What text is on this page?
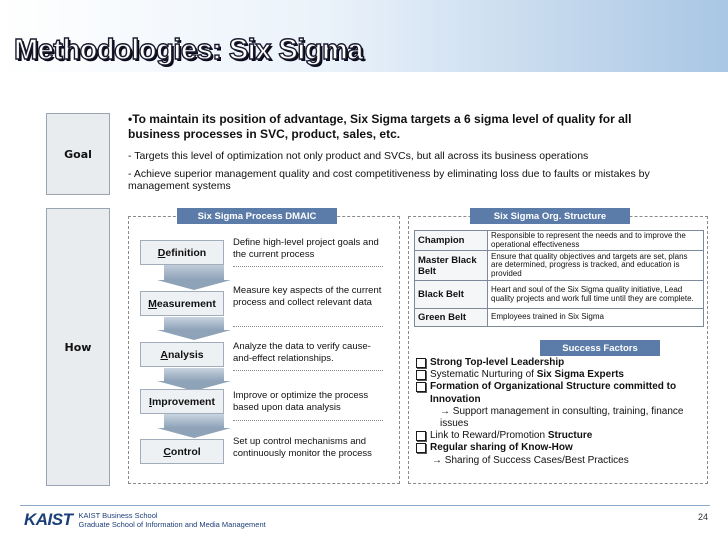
Methodologies: Six Sigma
Goal
•To maintain its position of advantage, Six Sigma targets a 6 sigma level of quality for all business processes in SVC, product, sales, etc.
- Targets this level of optimization not only product and SVCs, but all across its business operations
- Achieve superior management quality and cost competitiveness by eliminating loss due to faults or mistakes by management systems
How
Six Sigma Process DMAIC
D efinition
Define high-level project goals and the current process
M easurement
Measure key aspects of the current process and collect relevant data
A nalysis
Analyze the data to verify cause-and-effect relationships.
I mprovement Improve or optimize the process based upon data analysis
C ontrol
Set up control mechanisms and continuously monitor the process
Six Sigma Org. Structure
Champion	Responsible to represent the needs and to improve the operational effectiveness
Master Black Belt	Ensure that quality objectives and targets are set, plans are determined, progress is tracked, and education is provided
Black Belt	Heart and soul of the Six Sigma quality initiative, Lead quality projects and work full time until they are complete.
Green Belt	Employees trained in Six Sigma
Success Factors
Strong Top-level Leadership
Systematic Nurturing of Six Sigma Experts
Formation of Organizational Structure committed to Innovation
→ Support management in consulting, training, finance issues
Link to Reward/Promotion Structure
Regular sharing of Know-How
→ Sharing of Success Cases/Best Practices
KAIST KAIST Business School
Graduate School of Information and Media Management
24
